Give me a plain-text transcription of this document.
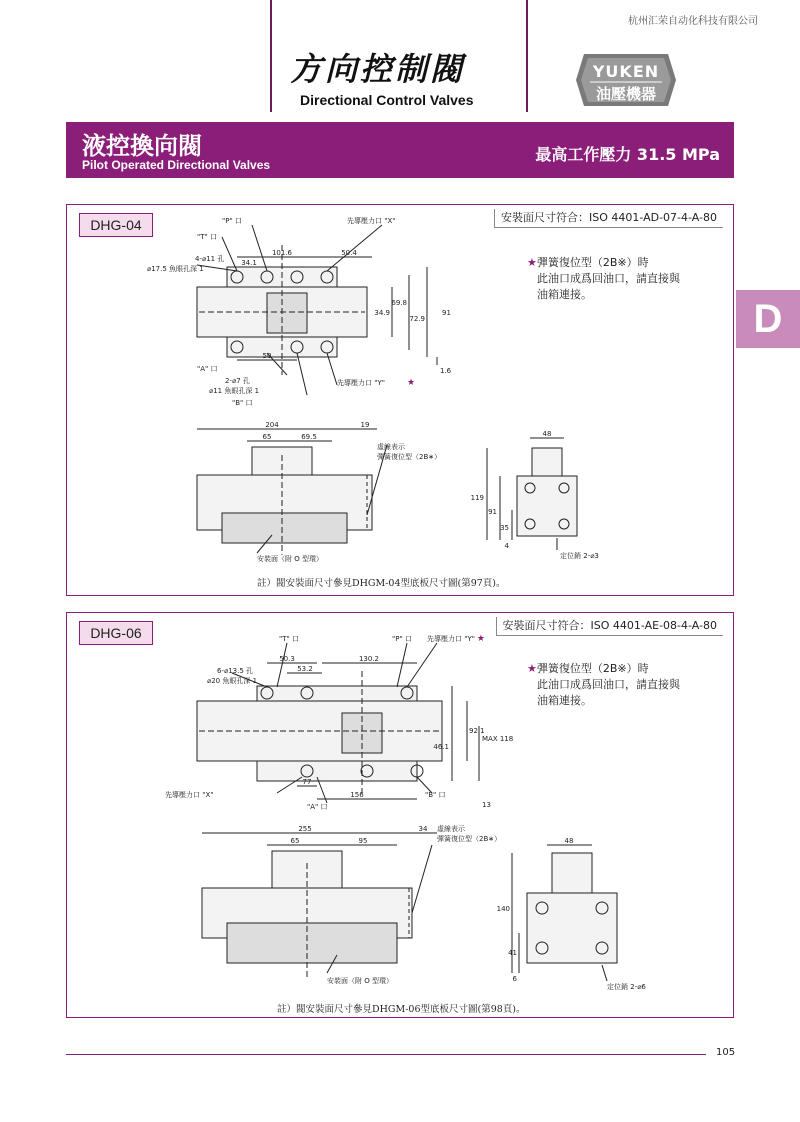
杭州汇荣自动化科技有限公司
方向控制閥
Directional Control Valves
YUKEN
油壓機器
液控換向閥
Pilot Operated Directional Valves
最高工作壓力 31.5 MPa
D
DHG-04	安裝面尺寸符合：ISO 4401-AD-07-4-A-80
★彈簧復位型（2B※）時
此油口成爲回油口，請直接與
油箱連接。
101.6	50.4
34.1
50
34.9
69.8
72.9
91
1.6
"P" 口
"T" 口
先導壓力口 "X"
4-⌀11 孔
⌀17.5 魚眼孔深 1
"A" 口
2-⌀7 孔
⌀11 魚眼孔深 1
"B" 口
先導壓力口 "Y" ★
204	19
65	69.5
虛線表示
彈簧復位型（2B∗）
安裝面（附 O 型環）
48
119
91
35
4
定位銷 2-⌀3
註）閥安裝面尺寸參見DHGM-04型底板尺寸圖(第97頁)。
DHG-06	安裝面尺寸符合：ISO 4401-AE-08-4-A-80
★彈簧復位型（2B※）時
此油口成爲回油口，請直接與
油箱連接。
50.3
53.2
130.2
77
156
MAX 118
92.1
46.1
13
"T" 口	"P" 口 先導壓力口 "Y" ★
6-⌀13.5 孔
⌀20 魚眼孔深 1
先導壓力口 "X"
"A" 口
"B" 口
255	34
65	95
虛線表示
彈簧復位型（2B∗）
安裝面（附 O 型環）
48
140
41
6
定位銷 2-⌀6
註）閥安裝面尺寸參見DHGM-06型底板尺寸圖(第98頁)。
105
